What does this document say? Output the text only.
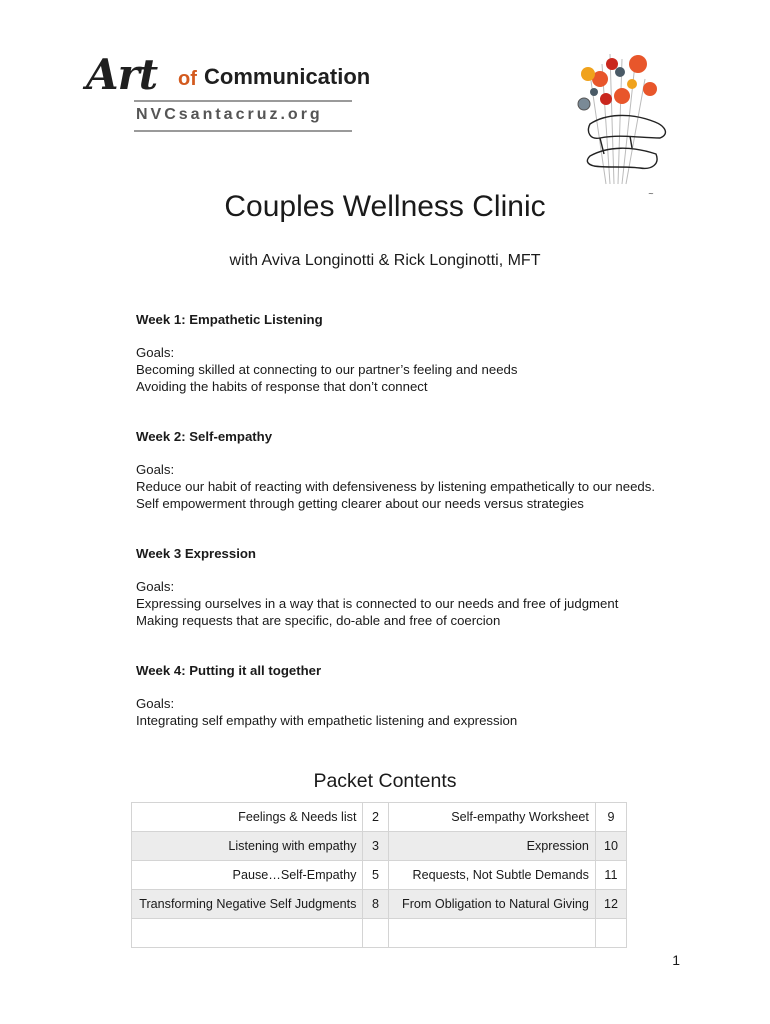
Art of Communication
NVCsantacruz.org
~
Couples Wellness Clinic
with Aviva Longinotti & Rick Longinotti, MFT
Week 1: Empathetic Listening

Goals:

Becoming skilled at connecting to our partner’s feeling and needs

Avoiding the habits of response that don’t connect

Week 2: Self-empathy

Goals:

Reduce our habit of reacting with defensiveness by listening empathetically to our needs.

Self empowerment through getting clearer about our needs versus strategies

Week 3 Expression

Goals:

Expressing ourselves in a way that is connected to our needs and free of judgment

Making requests that are specific, do-able and free of coercion

Week 4: Putting it all together

Goals:

Integrating self empathy with empathetic listening and expression

Packet Contents
Feelings & Needs list	2	Self-empathy Worksheet	9
Listening with empathy	3	Expression	10
Pause…Self-Empathy	5	Requests, Not Subtle Demands	11
Transforming Negative Self Judgments	8	From Obligation to Natural Giving	12

1
